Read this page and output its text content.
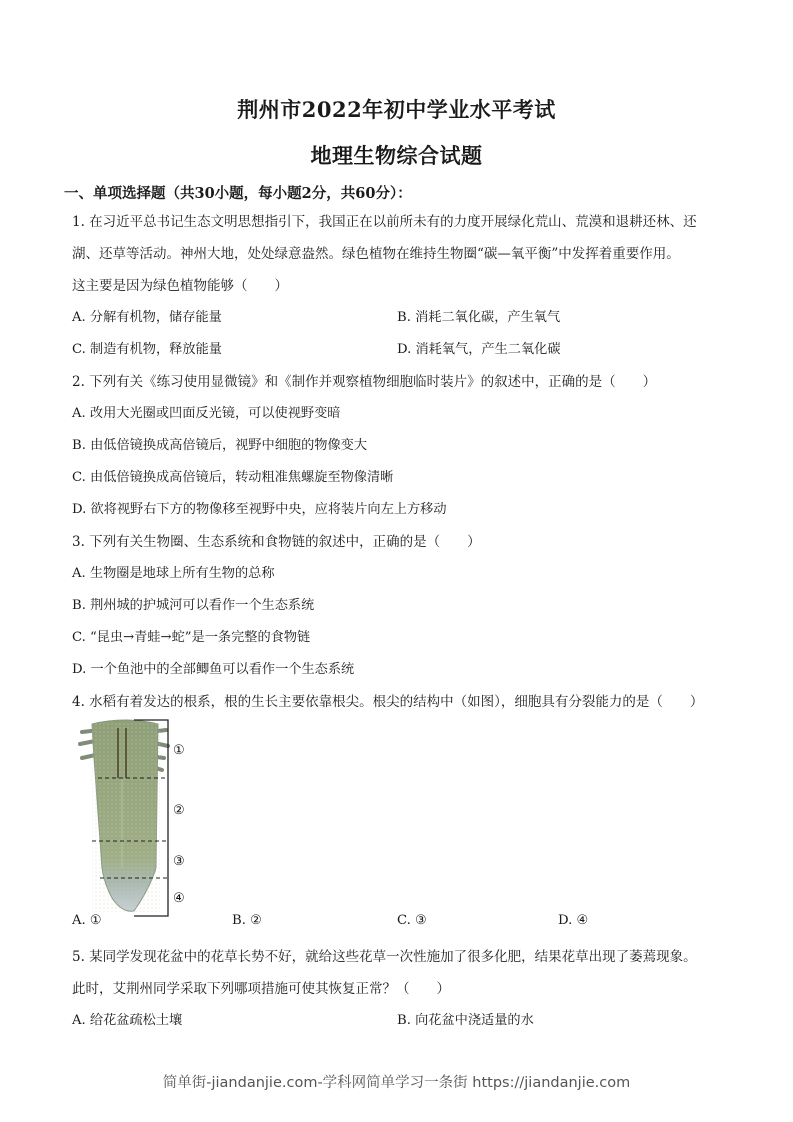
荆州市2022年初中学业水平考试
地理生物综合试题
一、单项选择题（共30小题，每小题2分，共60分）：
1. 在习近平总书记生态文明思想指引下，我国正在以前所未有的力度开展绿化荒山、荒漠和退耕还林、还
湖、还草等活动。神州大地，处处绿意盎然。绿色植物在维持生物圈“碳—氧平衡”中发挥着重要作用。
这主要是因为绿色植物能够（　　）
A. 分解有机物，储存能量	B. 消耗二氧化碳，产生氧气
C. 制造有机物，释放能量	D. 消耗氧气，产生二氧化碳
2. 下列有关《练习使用显微镜》和《制作并观察植物细胞临时装片》的叙述中，正确的是（　　）
A. 改用大光圈或凹面反光镜，可以使视野变暗
B. 由低倍镜换成高倍镜后，视野中细胞的物像变大
C. 由低倍镜换成高倍镜后，转动粗准焦螺旋至物像清晰
D. 欲将视野右下方的物像移至视野中央，应将装片向左上方移动
3. 下列有关生物圈、生态系统和食物链的叙述中，正确的是（　　）
A. 生物圈是地球上所有生物的总称
B. 荆州城的护城河可以看作一个生态系统
C. “昆虫→青蛙→蛇”是一条完整的食物链
D. 一个鱼池中的全部鲫鱼可以看作一个生态系统
4. 水稻有着发达的根系，根的生长主要依靠根尖。根尖的结构中（如图），细胞具有分裂能力的是（　　）
①
②
③
④
A. ①	B. ②	C. ③	D. ④
5. 某同学发现花盆中的花草长势不好，就给这些花草一次性施加了很多化肥，结果花草出现了萎蔫现象。
此时，艾荆州同学采取下列哪项措施可使其恢复正常？（　　）
A. 给花盆疏松土壤	B. 向花盆中浇适量的水
简单街-jiandanjie.com-学科网简单学习一条街 https://jiandanjie.com
